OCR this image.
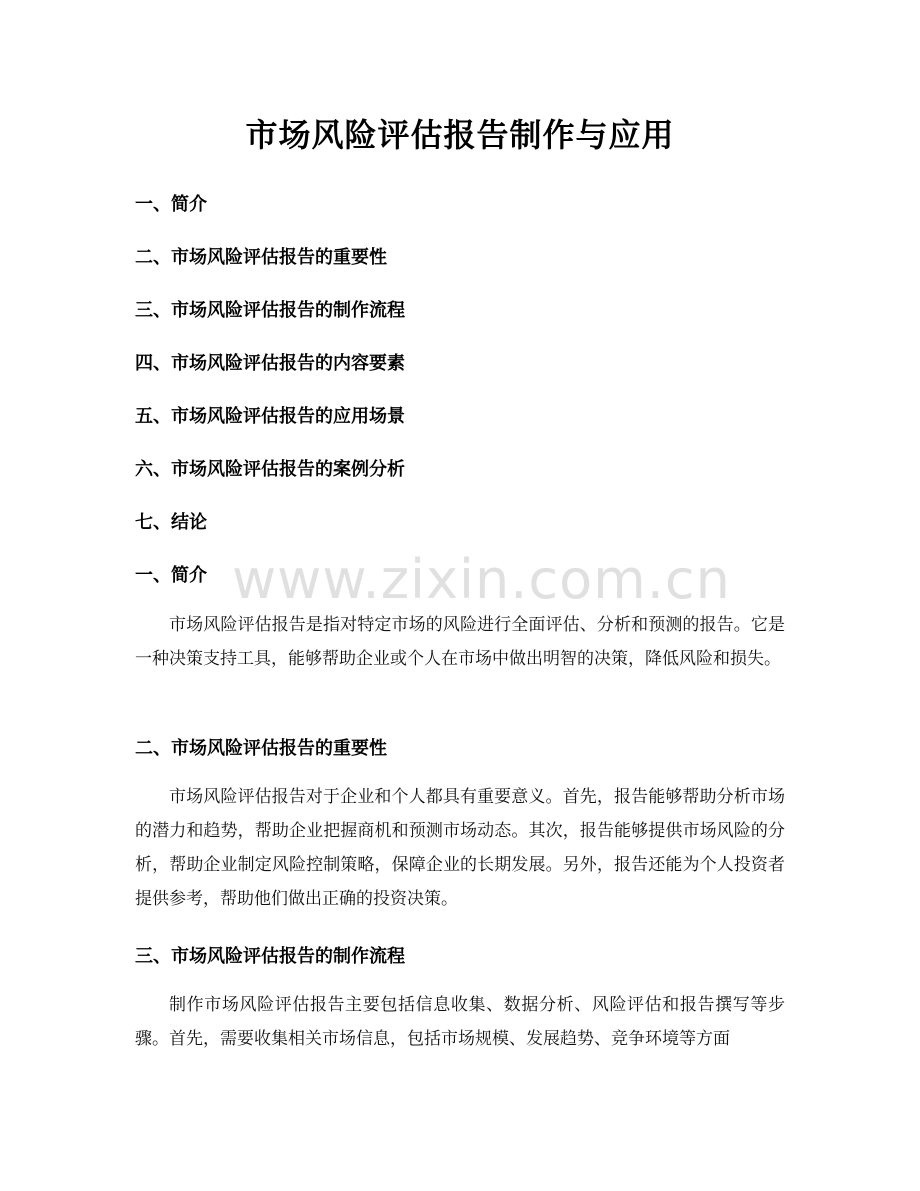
市场风险评估报告制作与应用
一、简介
二、市场风险评估报告的重要性
三、市场风险评估报告的制作流程
四、市场风险评估报告的内容要素
五、市场风险评估报告的应用场景
六、市场风险评估报告的案例分析
七、结论
www.zixin.com.cn
一、简介
市场风险评估报告是指对特定市场的风险进行全面评估、分析和预测的报告。它是一种决策支持工具，能够帮助企业或个人在市场中做出明智的决策，降低风险和损失。
二、市场风险评估报告的重要性
市场风险评估报告对于企业和个人都具有重要意义。首先，报告能够帮助分析市场的潜力和趋势，帮助企业把握商机和预测市场动态。其次，报告能够提供市场风险的分析，帮助企业制定风险控制策略，保障企业的长期发展。另外，报告还能为个人投资者提供参考，帮助他们做出正确的投资决策。
三、市场风险评估报告的制作流程
制作市场风险评估报告主要包括信息收集、数据分析、风险评估和报告撰写等步骤。首先，需要收集相关市场信息，包括市场规模、发展趋势、竞争环境等方面
